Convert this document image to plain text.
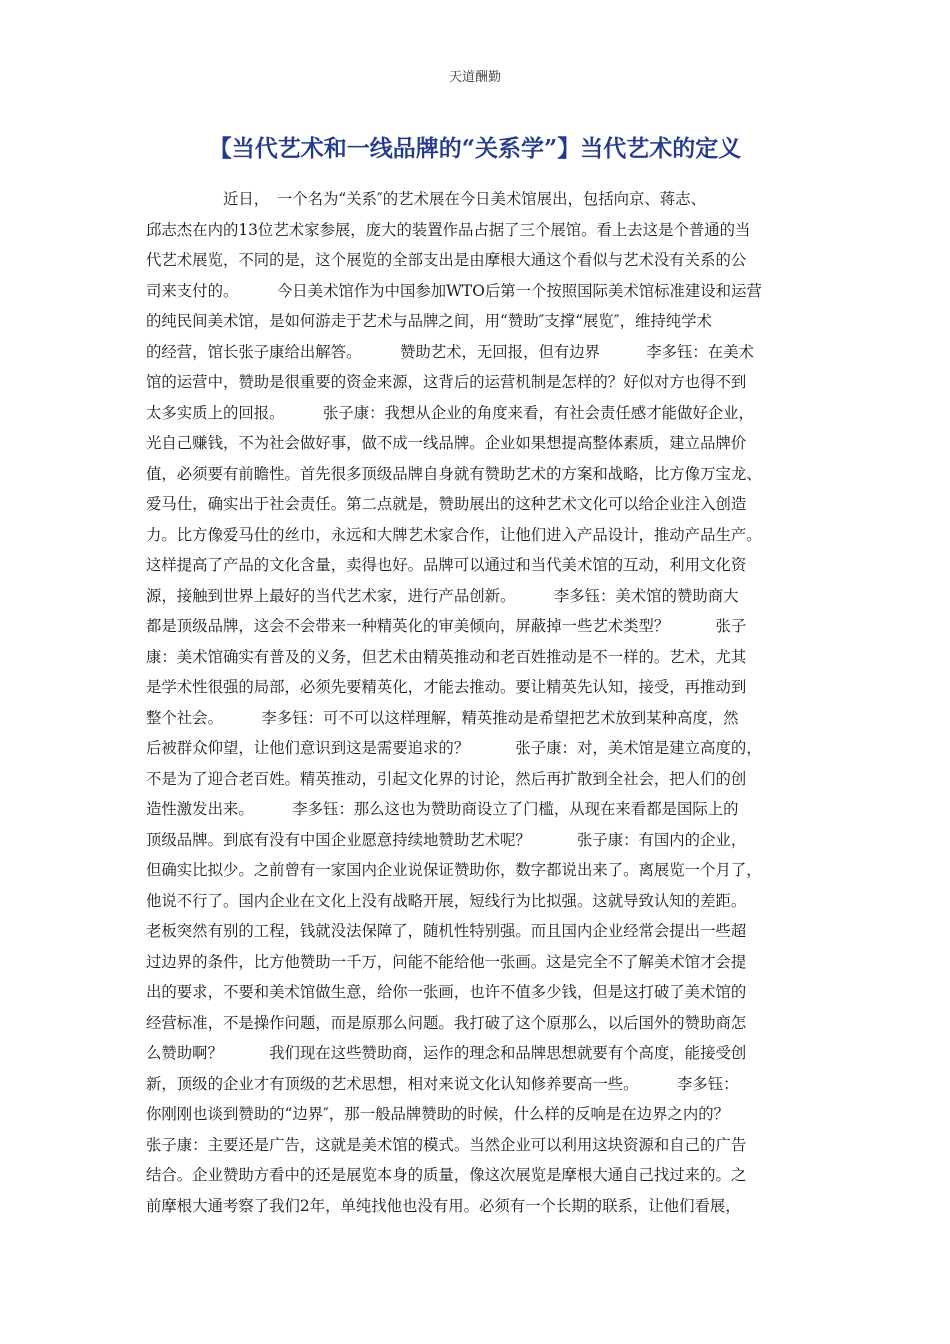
天道酬勤
【当代艺术和一线品牌的“关系学”】当代艺术的定义
　　　　　近日，　一个名为“关系″的艺术展在今日美术馆展出，包括向京、蒋志、
邱志杰在内的13位艺术家参展，庞大的装置作品占据了三个展馆。看上去这是个普通的当
代艺术展览，不同的是，这个展览的全部支出是由摩根大通这个看似与艺术没有关系的公
司来支付的。　　　今日美术馆作为中国参加WTO后第一个按照国际美术馆标准建设和运营
的纯民间美术馆，是如何游走于艺术与品牌之间，用“赞助″支撑“展览″，维持纯学术
的经营，馆长张子康给出解答。　　　赞助艺术，无回报，但有边界　　　李多钰：在美术
馆的运营中，赞助是很重要的资金来源，这背后的运营机制是怎样的？好似对方也得不到
太多实质上的回报。　　　张子康：我想从企业的角度来看，有社会责任感才能做好企业，
光自己赚钱，不为社会做好事，做不成一线品牌。企业如果想提高整体素质，建立品牌价
值，必须要有前瞻性。首先很多顶级品牌自身就有赞助艺术的方案和战略，比方像万宝龙、
爱马仕，确实出于社会责任。第二点就是，赞助展出的这种艺术文化可以给企业注入创造
力。比方像爱马仕的丝巾，永远和大牌艺术家合作，让他们进入产品设计，推动产品生产。
这样提高了产品的文化含量，卖得也好。品牌可以通过和当代美术馆的互动，利用文化资
源，接触到世界上最好的当代艺术家，进行产品创新。　　　李多钰：美术馆的赞助商大
都是顶级品牌，这会不会带来一种精英化的审美倾向，屏蔽掉一些艺术类型？　　　张子
康：美术馆确实有普及的义务，但艺术由精英推动和老百姓推动是不一样的。艺术，尤其
是学术性很强的局部，必须先要精英化，才能去推动。要让精英先认知，接受，再推动到
整个社会。　　　李多钰：可不可以这样理解，精英推动是希望把艺术放到某种高度，然
后被群众仰望，让他们意识到这是需要追求的？　　　张子康：对，美术馆是建立高度的，
不是为了迎合老百姓。精英推动，引起文化界的讨论，然后再扩散到全社会，把人们的创
造性激发出来。　　　李多钰：那么这也为赞助商设立了门槛，从现在来看都是国际上的
顶级品牌。到底有没有中国企业愿意持续地赞助艺术呢？　　　张子康：有国内的企业，
但确实比拟少。之前曾有一家国内企业说保证赞助你，数字都说出来了。离展览一个月了，
他说不行了。国内企业在文化上没有战略开展，短线行为比拟强。这就导致认知的差距。
老板突然有别的工程，钱就没法保障了，随机性特别强。而且国内企业经常会提出一些超
过边界的条件，比方他赞助一千万，问能不能给他一张画。这是完全不了解美术馆才会提
出的要求，不要和美术馆做生意，给你一张画，也许不值多少钱，但是这打破了美术馆的
经营标准，不是操作问题，而是原那么问题。我打破了这个原那么，以后国外的赞助商怎
么赞助啊？　　　我们现在这些赞助商，运作的理念和品牌思想就要有个高度，能接受创
新，顶级的企业才有顶级的艺术思想，相对来说文化认知修养要高一些。　　　李多钰：
你刚刚也谈到赞助的“边界″，那一般品牌赞助的时候，什么样的反响是在边界之内的？
张子康：主要还是广告，这就是美术馆的模式。当然企业可以利用这块资源和自己的广告
结合。企业赞助方看中的还是展览本身的质量，像这次展览是摩根大通自己找过来的。之
前摩根大通考察了我们2年，单纯找他也没有用。必须有一个长期的联系，让他们看展，
